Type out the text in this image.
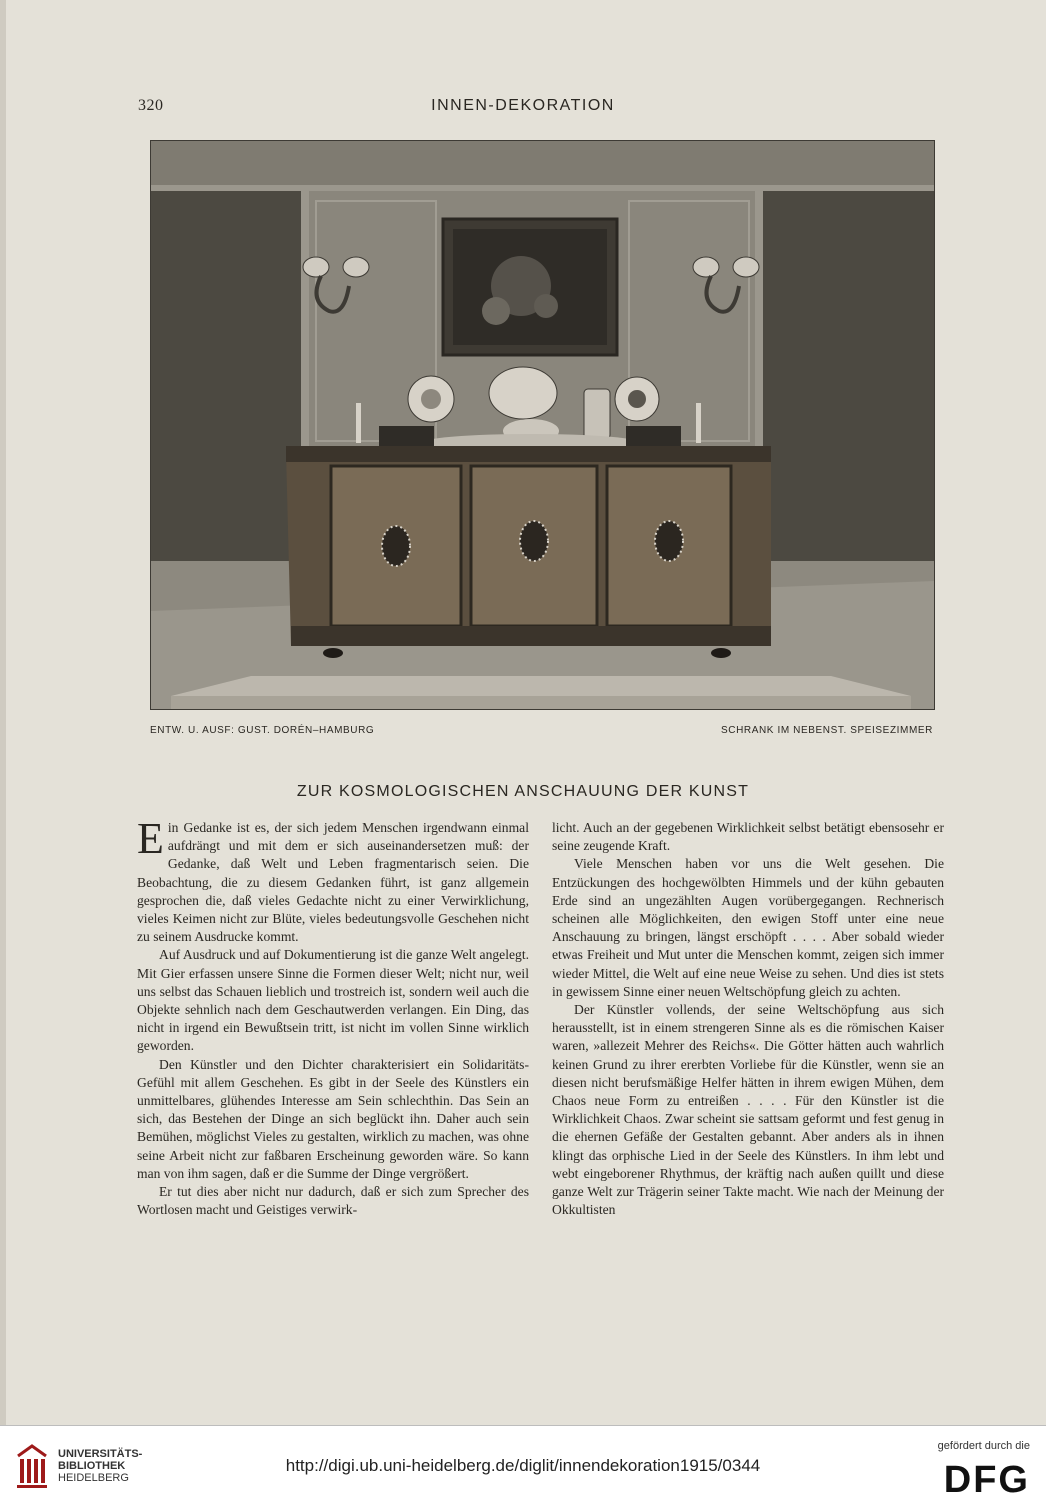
320	INNEN-DEKORATION
ENTW. U. AUSF: GUST. DORÉN–HAMBURG	SCHRANK IM NEBENST. SPEISEZIMMER
ZUR KOSMOLOGISCHEN ANSCHAUUNG DER KUNST

Ein Gedanke ist es, der sich jedem Menschen irgendwann einmal aufdrängt und mit dem er sich auseinandersetzen muß: der Gedanke, daß Welt und Leben fragmentarisch seien. Die Beobachtung, die zu diesem Gedanken führt, ist ganz allgemein gesprochen die, daß vieles Gedachte nicht zu einer Verwirklichung, vieles Keimen nicht zur Blüte, vieles bedeutungsvolle Geschehen nicht zu seinem Ausdrucke kommt.

Auf Ausdruck und auf Dokumentierung ist die ganze Welt angelegt. Mit Gier erfassen unsere Sinne die Formen dieser Welt; nicht nur, weil uns selbst das Schauen lieblich und trostreich ist, sondern weil auch die Objekte sehnlich nach dem Geschautwerden verlangen. Ein Ding, das nicht in irgend ein Bewußtsein tritt, ist nicht im vollen Sinne wirklich geworden.

Den Künstler und den Dichter charakterisiert ein Solidaritäts-Gefühl mit allem Geschehen. Es gibt in der Seele des Künstlers ein unmittelbares, glühendes Interesse am Sein schlechthin. Das Sein an sich, das Bestehen der Dinge an sich beglückt ihn. Daher auch sein Bemühen, möglichst Vieles zu gestalten, wirklich zu machen, was ohne seine Arbeit nicht zur faßbaren Erscheinung geworden wäre. So kann man von ihm sagen, daß er die Summe der Dinge vergrößert.

Er tut dies aber nicht nur dadurch, daß er sich zum Sprecher des Wortlosen macht und Geistiges verwirk-

licht. Auch an der gegebenen Wirklichkeit selbst betätigt ebensosehr er seine zeugende Kraft.

Viele Menschen haben vor uns die Welt gesehen. Die Entzückungen des hochgewölbten Himmels und der kühn gebauten Erde sind an ungezählten Augen vorübergegangen. Rechnerisch scheinen alle Möglichkeiten, den ewigen Stoff unter eine neue Anschauung zu bringen, längst erschöpft . . . . Aber sobald wieder etwas Freiheit und Mut unter die Menschen kommt, zeigen sich immer wieder Mittel, die Welt auf eine neue Weise zu sehen. Und dies ist stets in gewissem Sinne einer neuen Weltschöpfung gleich zu achten.

Der Künstler vollends, der seine Weltschöpfung aus sich herausstellt, ist in einem strengeren Sinne als es die römischen Kaiser waren, »allezeit Mehrer des Reichs«. Die Götter hätten auch wahrlich keinen Grund zu ihrer ererbten Vorliebe für die Künstler, wenn sie an diesen nicht berufsmäßige Helfer hätten in ihrem ewigen Mühen, dem Chaos neue Form zu entreißen . . . . Für den Künstler ist die Wirklichkeit Chaos. Zwar scheint sie sattsam geformt und fest genug in die ehernen Gefäße der Gestalten gebannt. Aber anders als in ihnen klingt das orphische Lied in der Seele des Künstlers. In ihm lebt und webt eingeborener Rhythmus, der kräftig nach außen quillt und diese ganze Welt zur Trägerin seiner Takte macht. Wie nach der Meinung der Okkultisten

UNIVERSITÄTS-
BIBLIOTHEK
HEIDELBERG
http://digi.ub.uni-heidelberg.de/diglit/innendekoration1915/0344
gefördert durch die
DFG
